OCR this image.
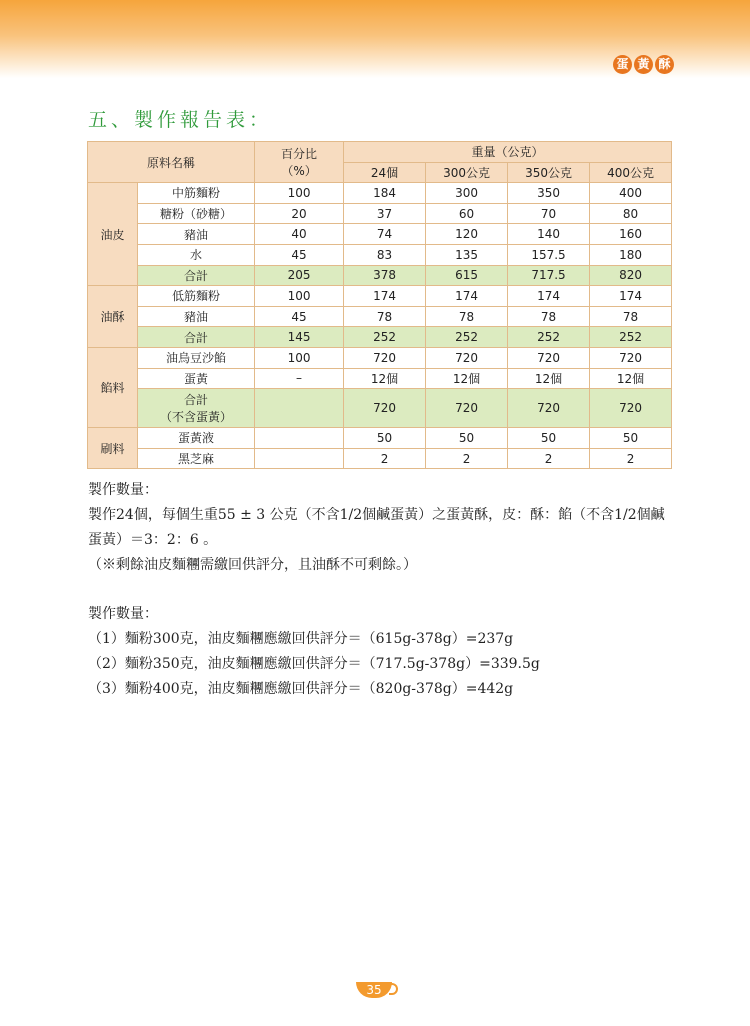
蛋 黃 酥
五、製作報告表：
原料名稱		百分比
（%）	重量（公克）			
			24個	300公克	350公克	400公克
油皮	中筋麵粉	100	184	300	350	400
	糖粉（砂糖）	20	37	60	70	80
	豬油	40	74	120	140	160
	水	45	83	135	157.5	180
	合計	205	378	615	717.5	820
油酥	低筋麵粉	100	174	174	174	174
	豬油	45	78	78	78	78
	合計	145	252	252	252	252
餡料	油烏豆沙餡	100	720	720	720	720
	蛋黃	–	12個	12個	12個	12個

	合計
（不含蛋黃）		720	720	720	720
刷料	蛋黃液		50	50	50	50
	黑芝麻		2	2	2	2

製作數量：

製作24個，每個生重55 ± 3 公克（不含1/2個鹹蛋黃）之蛋黃酥，皮：酥：餡（不含1/2個鹹蛋黃）＝3：2：6 。

（※剩餘油皮麵糰需繳回供評分，且油酥不可剩餘。）

製作數量：

（1）麵粉300克，油皮麵糰應繳回供評分＝（615g-378g）=237g

（2）麵粉350克，油皮麵糰應繳回供評分＝（717.5g-378g）=339.5g

（3）麵粉400克，油皮麵糰應繳回供評分＝（820g-378g）=442g

35
